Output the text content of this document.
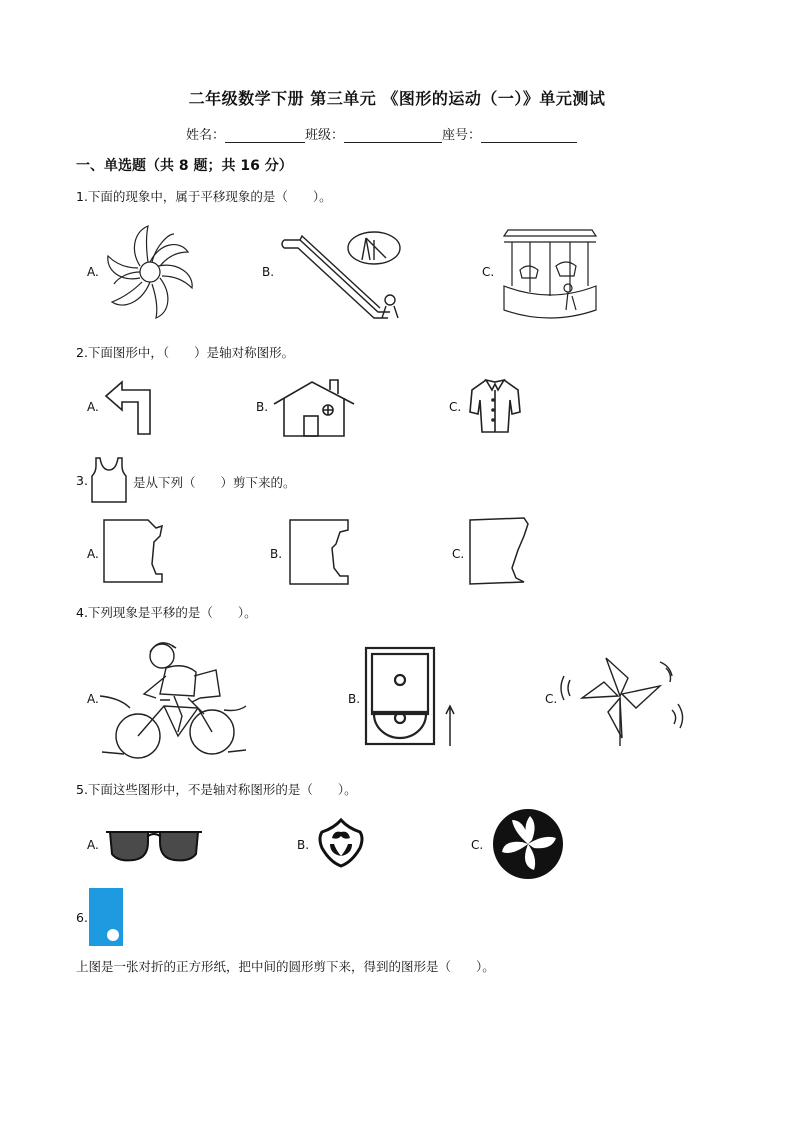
二年级数学下册 第三单元 《图形的运动（一）》单元测试
姓名：	班级：	座号：
一、单选题（共 8 题；共 16 分）
1.下面的现象中，属于平移现象的是（　　）。
A.	B.	C.
2.下面图形中，（　　）是轴对称图形。
A.	B.	C.
3.	是从下列（　　）剪下来的。
A.	B.	C.
4.下列现象是平移的是（　　）。
A.	B.	C.
5.下面这些图形中，不是轴对称图形的是（　　）。
A.	B.	C.
6.
上图是一张对折的正方形纸，把中间的圆形剪下来，得到的图形是（　　）。
